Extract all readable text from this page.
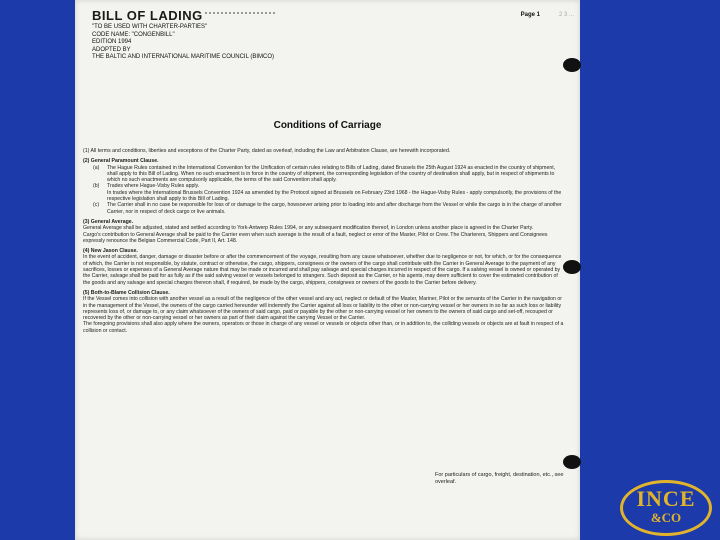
BILL OF LADING	Page 1	2 3 ...
"TO BE USED WITH CHARTER-PARTIES"
CODE NAME: "CONGENBILL"
EDITION 1994
ADOPTED BY
THE BALTIC AND INTERNATIONAL MARITIME COUNCIL (BIMCO)
Conditions of Carriage

(1) All terms and conditions, liberties and exceptions of the Charter Party, dated as overleaf, including the Law and Arbitration Clause, are herewith incorporated.

(2) General Paramount Clause.
(a) The Hague Rules contained in the International Convention for the Unification of certain rules relating to Bills of Lading, dated Brussels the 25th August 1924 as enacted in the country of shipment, shall apply to this Bill of Lading. When no such enactment is in force in the country of shipment, the corresponding legislation of the country of destination shall apply, but in respect of shipments to which no such enactments are compulsorily applicable, the terms of the said Convention shall apply.
(b) Trades where Hague-Visby Rules apply.
In trades where the International Brussels Convention 1924 as amended by the Protocol signed at Brussels on February 23rd 1968 - the Hague-Visby Rules - apply compulsorily, the provisions of the respective legislation shall apply to this Bill of Lading.
(c) The Carrier shall in no case be responsible for loss of or damage to the cargo, howsoever arising prior to loading into and after discharge from the Vessel or while the cargo is in the charge of another Carrier, nor in respect of deck cargo or live animals.
(3) General Average.

General Average shall be adjusted, stated and settled according to York-Antwerp Rules 1994, or any subsequent modification thereof, in London unless another place is agreed in the Charter Party.

Cargo's contribution to General Average shall be paid to the Carrier even when such average is the result of a fault, neglect or error of the Master, Pilot or Crew. The Charterers, Shippers and Consignees expressly renounce the Belgian Commercial Code, Part II, Art. 148.

(4) New Jason Clause.

In the event of accident, danger, damage or disaster before or after the commencement of the voyage, resulting from any cause whatsoever, whether due to negligence or not, for which, or for the consequence of which, the Carrier is not responsible, by statute, contract or otherwise, the cargo, shippers, consignees or the owners of the cargo shall contribute with the Carrier in General Average to the payment of any sacrifices, losses or expenses of a General Average nature that may be made or incurred and shall pay salvage and special charges incurred in respect of the cargo. If a salving vessel is owned or operated by the Carrier, salvage shall be paid for as fully as if the said salving vessel or vessels belonged to strangers. Such deposit as the Carrier, or his agents, may deem sufficient to cover the estimated contribution of the goods and any salvage and special charges thereon shall, if required, be made by the cargo, shippers, consignees or owners of the goods to the Carrier before delivery.

(5) Both-to-Blame Collision Clause.

If the Vessel comes into collision with another vessel as a result of the negligence of the other vessel and any act, neglect or default of the Master, Mariner, Pilot or the servants of the Carrier in the navigation or in the management of the Vessel, the owners of the cargo carried hereunder will indemnify the Carrier against all loss or liability to the other or non-carrying vessel or her owners in so far as such loss or liability represents loss of, or damage to, or any claim whatsoever of the owners of said cargo, paid or payable by the other or non-carrying vessel or her owners to the owners of said cargo and set-off, recouped or recovered by the other or non-carrying vessel or her owners as part of their claim against the carrying Vessel or the Carrier.

The foregoing provisions shall also apply where the owners, operators or those in charge of any vessel or vessels or objects other than, or in addition to, the colliding vessels or objects are at fault in respect of a collision or contact.

For particulars of cargo, freight, destination, etc., see overleaf.
INCE
&CO
